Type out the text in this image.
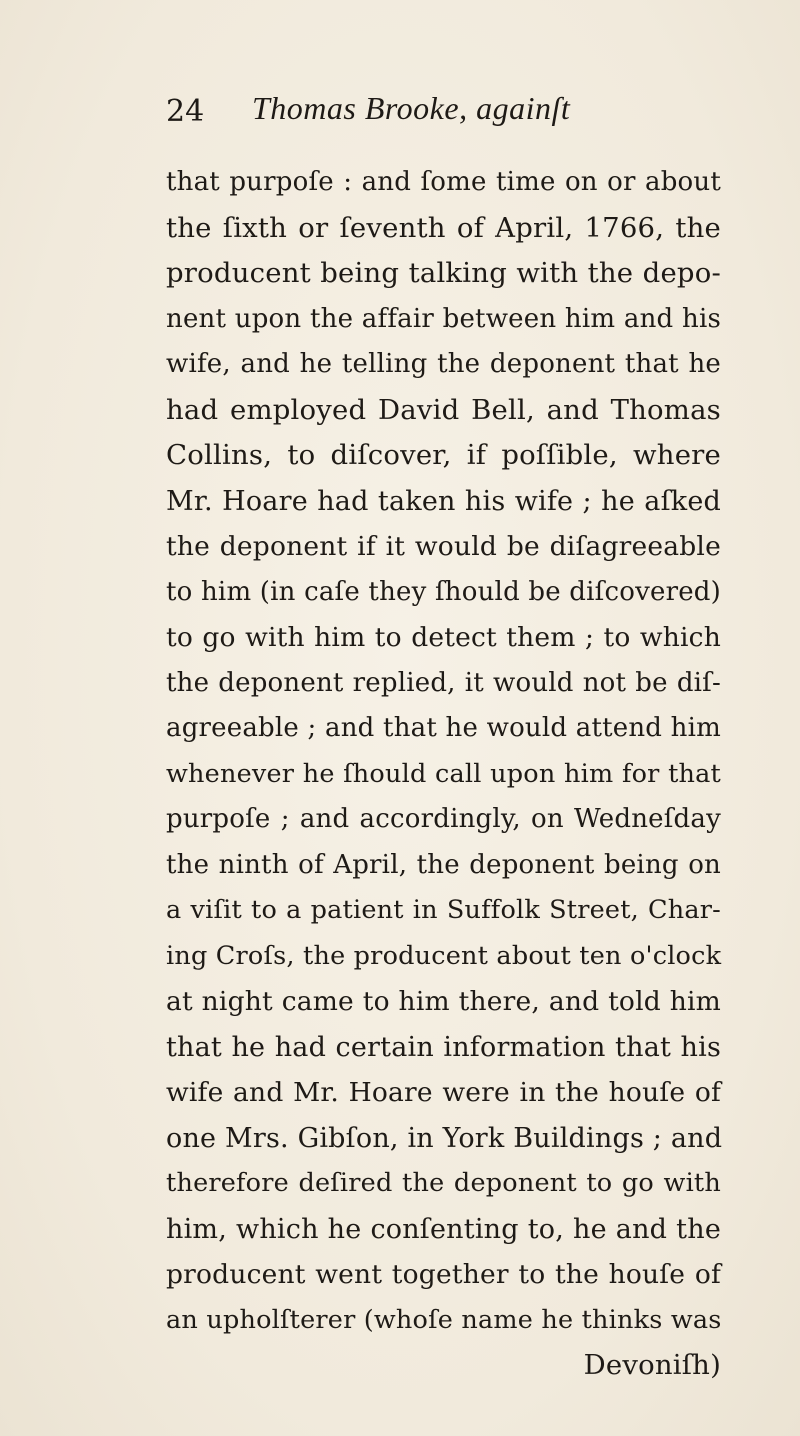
24 Thomas Brooke, againſt
that purpoſe : and ſome time on or about
the ſixth or ſeventh of April, 1766, the
producent being talking with the depo-
nent upon the affair between him and his
wife, and he telling the deponent that he
had employed David Bell, and Thomas
Collins, to diſcover, if poſſible, where
Mr. Hoare had taken his wife ; he aſked
the deponent if it would be diſagreeable
to him (in caſe they ſhould be diſcovered)
to go with him to detect them ; to which
the deponent replied, it would not be diſ-
agreeable ; and that he would attend him
whenever he ſhould call upon him for that
purpoſe ; and accordingly, on Wedneſday
the ninth of April, the deponent being on
a viſit to a patient in Suffolk Street, Char-
ing Croſs, the producent about ten o'clock
at night came to him there, and told him
that he had certain information that his
wife and Mr. Hoare were in the houſe of
one Mrs. Gibſon, in York Buildings ; and
therefore deſired the deponent to go with
him, which he conſenting to, he and the
producent went together to the houſe of
an upholſterer (whoſe name he thinks was
Devoniſh)
